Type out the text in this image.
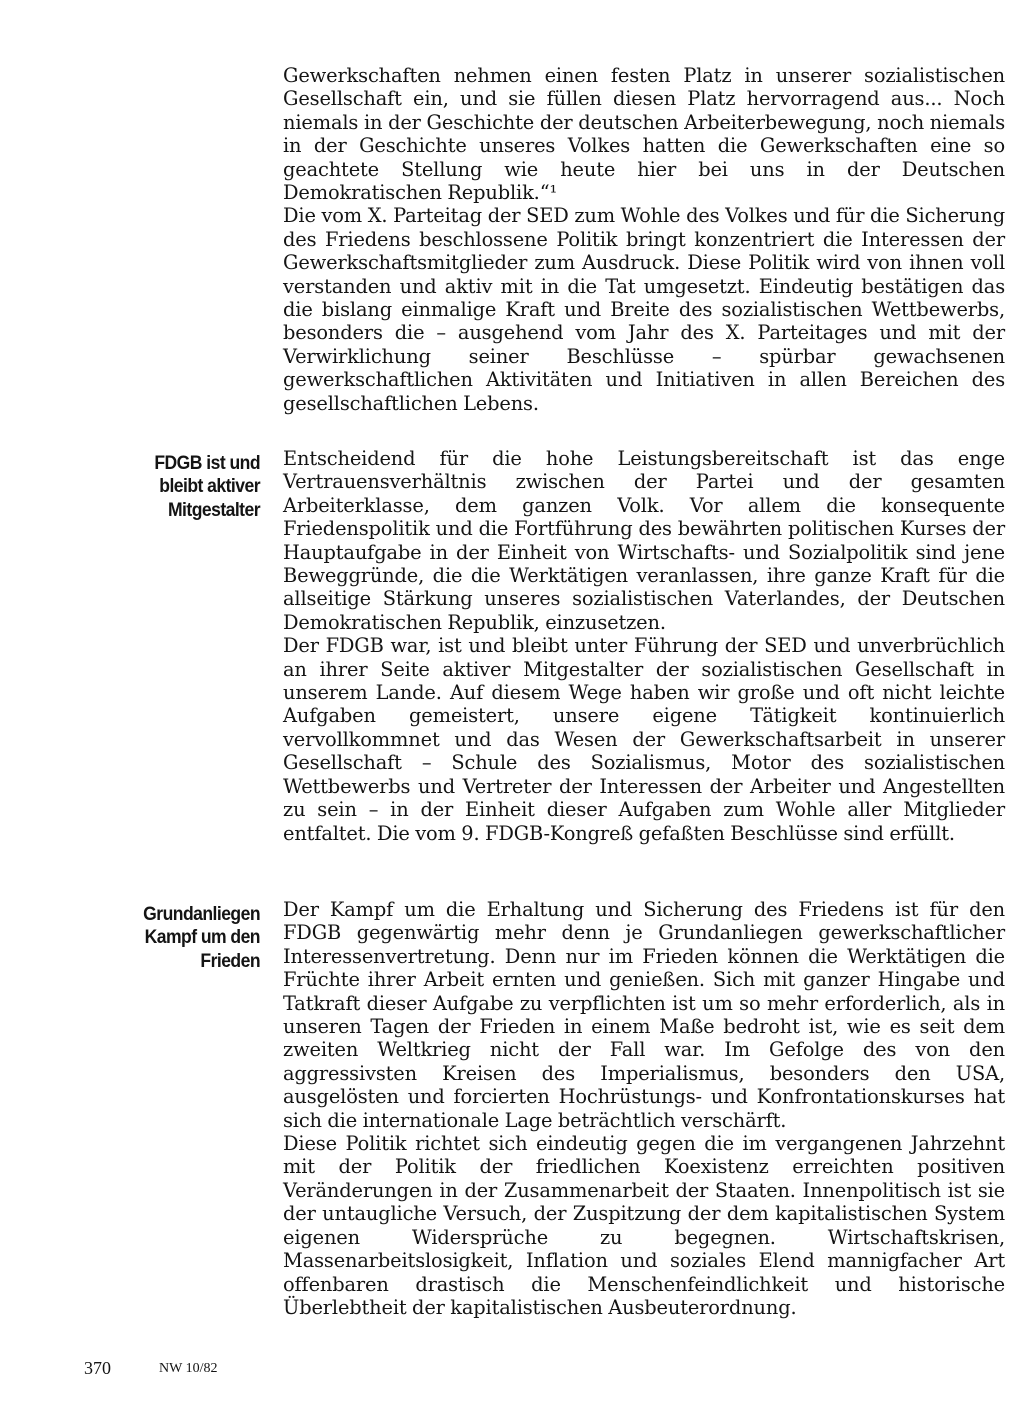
Gewerkschaften nehmen einen festen Platz in unserer sozialistischen Gesellschaft ein, und sie füllen diesen Platz hervorragend aus... Noch niemals in der Geschichte der deutschen Arbeiterbewegung, noch niemals in der Geschichte unseres Volkes hatten die Gewerkschaften eine so geachtete Stellung wie heute hier bei uns in der Deutschen Demokratischen Republik.“¹

Die vom X. Parteitag der SED zum Wohle des Volkes und für die Sicherung des Friedens beschlossene Politik bringt konzentriert die Interessen der Gewerkschaftsmitglieder zum Ausdruck. Diese Politik wird von ihnen voll verstanden und aktiv mit in die Tat umgesetzt. Eindeutig bestätigen das die bislang einmalige Kraft und Breite des sozialistischen Wettbewerbs, besonders die – ausgehend vom Jahr des X. Parteitages und mit der Verwirklichung seiner Beschlüsse – spürbar gewachsenen gewerkschaftlichen Aktivitäten und Initiativen in allen Bereichen des gesellschaftlichen Lebens.

FDGB ist und
bleibt aktiver
Mitgestalter

Entscheidend für die hohe Leistungsbereitschaft ist das enge Vertrauensverhältnis zwischen der Partei und der gesamten Arbeiterklasse, dem ganzen Volk. Vor allem die konsequente Friedenspolitik und die Fortführung des bewährten politischen Kurses der Hauptaufgabe in der Einheit von Wirtschafts- und Sozialpolitik sind jene Beweggründe, die die Werktätigen veranlassen, ihre ganze Kraft für die allseitige Stärkung unseres sozialistischen Vaterlandes, der Deutschen Demokratischen Republik, einzusetzen.

Der FDGB war, ist und bleibt unter Führung der SED und unverbrüchlich an ihrer Seite aktiver Mitgestalter der sozialistischen Gesellschaft in unserem Lande. Auf diesem Wege haben wir große und oft nicht leichte Aufgaben gemeistert, unsere eigene Tätigkeit kontinuierlich vervollkommnet und das Wesen der Gewerkschaftsarbeit in unserer Gesellschaft – Schule des Sozialismus, Motor des sozialistischen Wettbewerbs und Vertreter der Interessen der Arbeiter und Angestellten zu sein – in der Einheit dieser Aufgaben zum Wohle aller Mitglieder entfaltet. Die vom 9. FDGB-Kongreß gefaßten Beschlüsse sind erfüllt.

Grundanliegen
Kampf um den
Frieden

Der Kampf um die Erhaltung und Sicherung des Friedens ist für den FDGB gegenwärtig mehr denn je Grundanliegen gewerkschaftlicher Interessenvertretung. Denn nur im Frieden können die Werktätigen die Früchte ihrer Arbeit ernten und genießen. Sich mit ganzer Hingabe und Tatkraft dieser Aufgabe zu verpflichten ist um so mehr erforderlich, als in unseren Tagen der Frieden in einem Maße bedroht ist, wie es seit dem zweiten Weltkrieg nicht der Fall war. Im Gefolge des von den aggressivsten Kreisen des Imperialismus, besonders den USA, ausgelösten und forcierten Hochrüstungs- und Konfrontationskurses hat sich die internationale Lage beträchtlich verschärft.

Diese Politik richtet sich eindeutig gegen die im vergangenen Jahrzehnt mit der Politik der friedlichen Koexistenz erreichten positiven Veränderungen in der Zusammenarbeit der Staaten. Innenpolitisch ist sie der untaugliche Versuch, der Zuspitzung der dem kapitalistischen System eigenen Widersprüche zu begegnen. Wirtschaftskrisen, Massenarbeitslosigkeit, Inflation und soziales Elend mannigfacher Art offenbaren drastisch die Menschenfeindlichkeit und historische Überlebtheit der kapitalistischen Ausbeuterordnung.

370	NW 10/82
